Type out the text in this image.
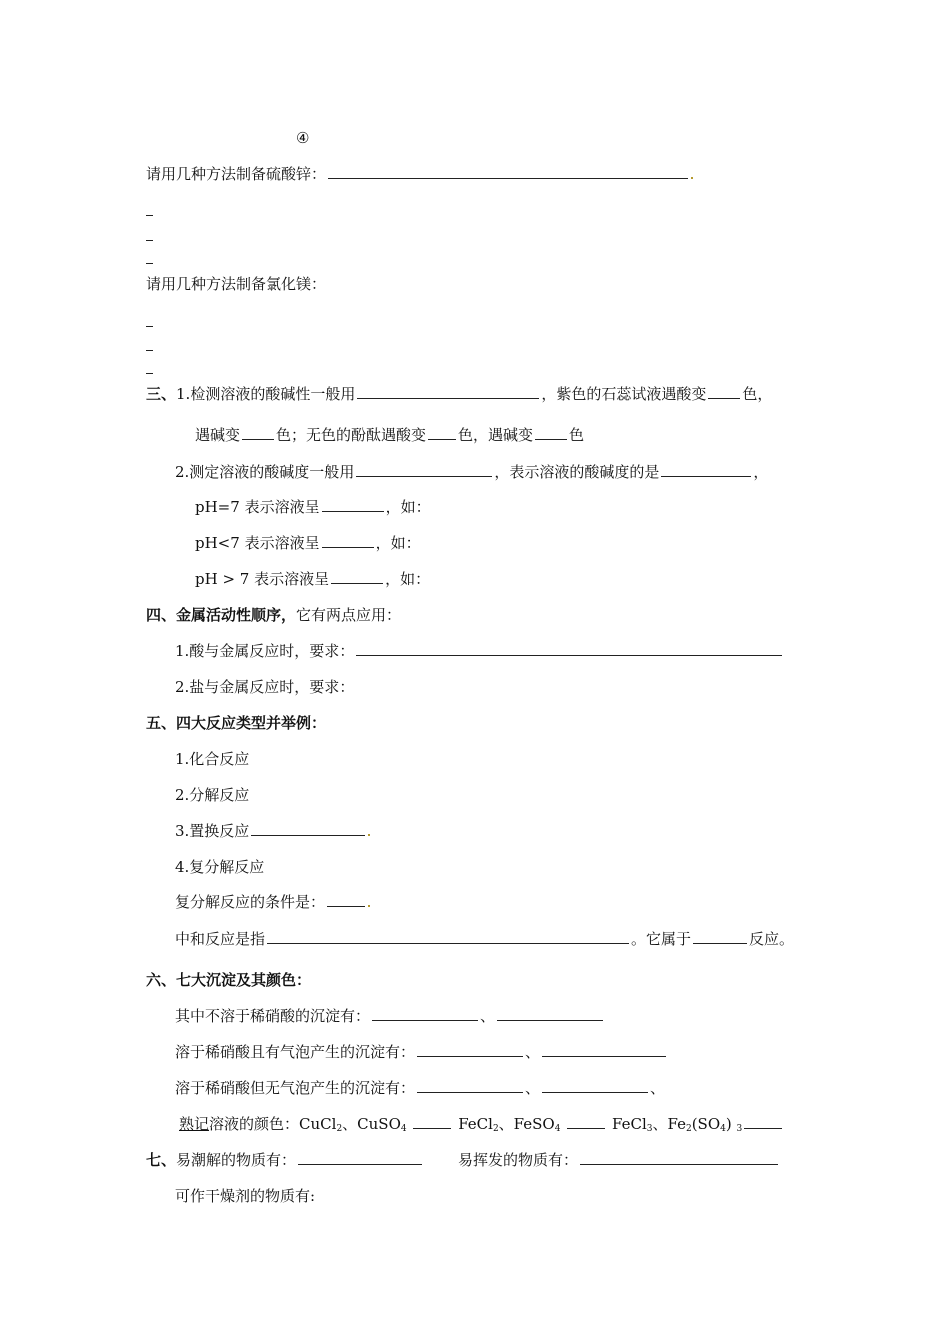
④
请用几种方法制备硫酸锌：
请用几种方法制备氯化镁：
三、1.检测溶液的酸碱性一般用	，紫色的石蕊试液遇酸变 色，
遇碱变 色；无色的酚酞遇酸变 色，遇碱变 色
2.测定溶液的酸碱度一般用	，表示溶液的酸碱度的是	，
pH=7 表示溶液呈	，如：
pH<7 表示溶液呈	，如：
pH > 7 表示溶液呈	，如：
四、金属活动性顺序，它有两点应用：
1.酸与金属反应时，要求：
2.盐与金属反应时，要求：
五、四大反应类型并举例：
1.化合反应
2.分解反应
3.置换反应
4.复分解反应
复分解反应的条件是：
中和反应是指	。它属于	反应。
六、七大沉淀及其颜色：
其中不溶于稀硝酸的沉淀有：	、
溶于稀硝酸且有气泡产生的沉淀有：	、
溶于稀硝酸但无气泡产生的沉淀有：	、	、
熟记溶液的颜色：CuCl$_2$、CuSO$_4$	FeCl$_2$、FeSO$_4$	FeCl$_3$、$Fe_2(SO_4)$ $_3$
七、易潮解的物质有：	易挥发的物质有：
可作干燥剂的物质有:
